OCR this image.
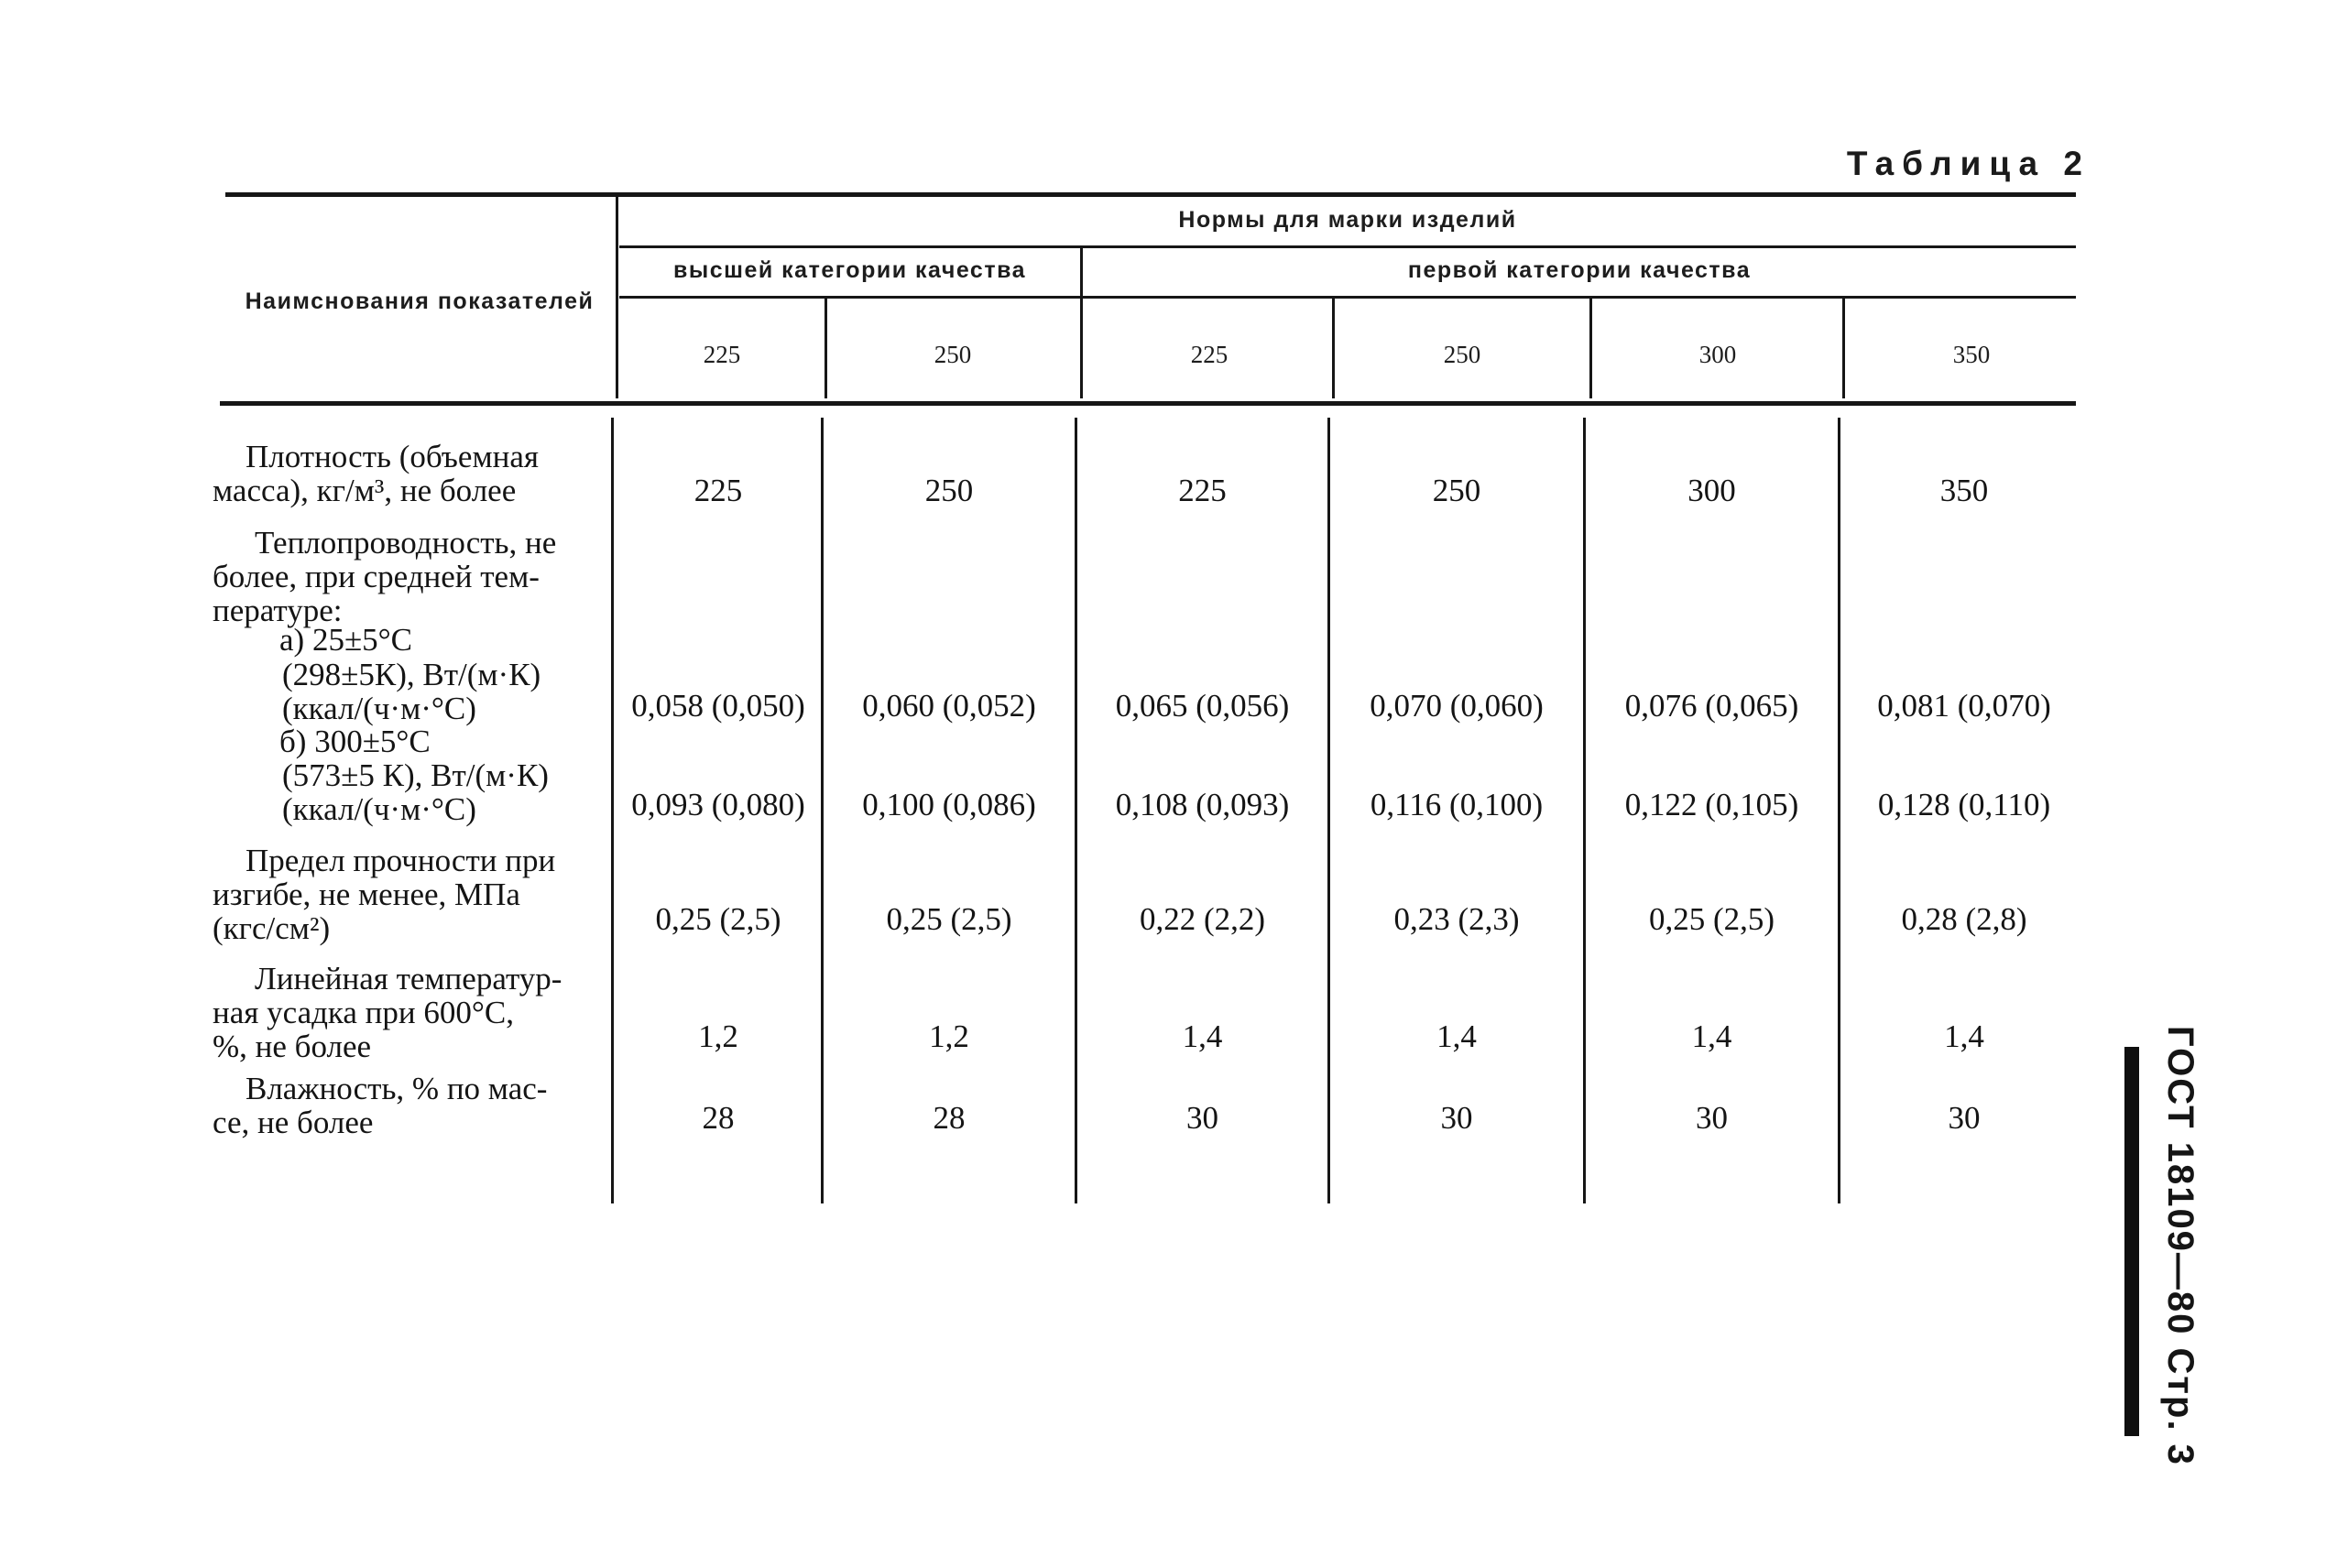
Таблица 2
Наимснования показателей
Нормы для марки изделий
высшей категории качества	первой категории качества
225	250	225	250	300	350
Плотность (объемная
масса), кг/м³, не более	225	250	225	250	300	350
Теплопроводность, не
более, при средней тем-
пературе:
а) 25±5°С
(298±5К), Вт/(м·К)
(ккал/(ч·м·°С)	0,058 (0,050)	0,060 (0,052)	0,065 (0,056)	0,070 (0,060)	0,076 (0,065)	0,081 (0,070)
б) 300±5°С
(573±5 К), Вт/(м·К)
(ккал/(ч·м·°С)	0,093 (0,080)	0,100 (0,086)	0,108 (0,093)	0,116 (0,100)	0,122 (0,105)	0,128 (0,110)
Предел прочности при
изгибе, не менее, МПа
(кгс/см²)	0,25 (2,5)	0,25 (2,5)	0,22 (2,2)	0,23 (2,3)	0,25 (2,5)	0,28 (2,8)
Линейная температур-
ная усадка при 600°С,
%, не более	1,2	1,2	1,4	1,4	1,4	1,4
Влажность, % по мас-
се, не более	28	28	30	30	30	30	ГОСТ 18109—80 Стр. 3
